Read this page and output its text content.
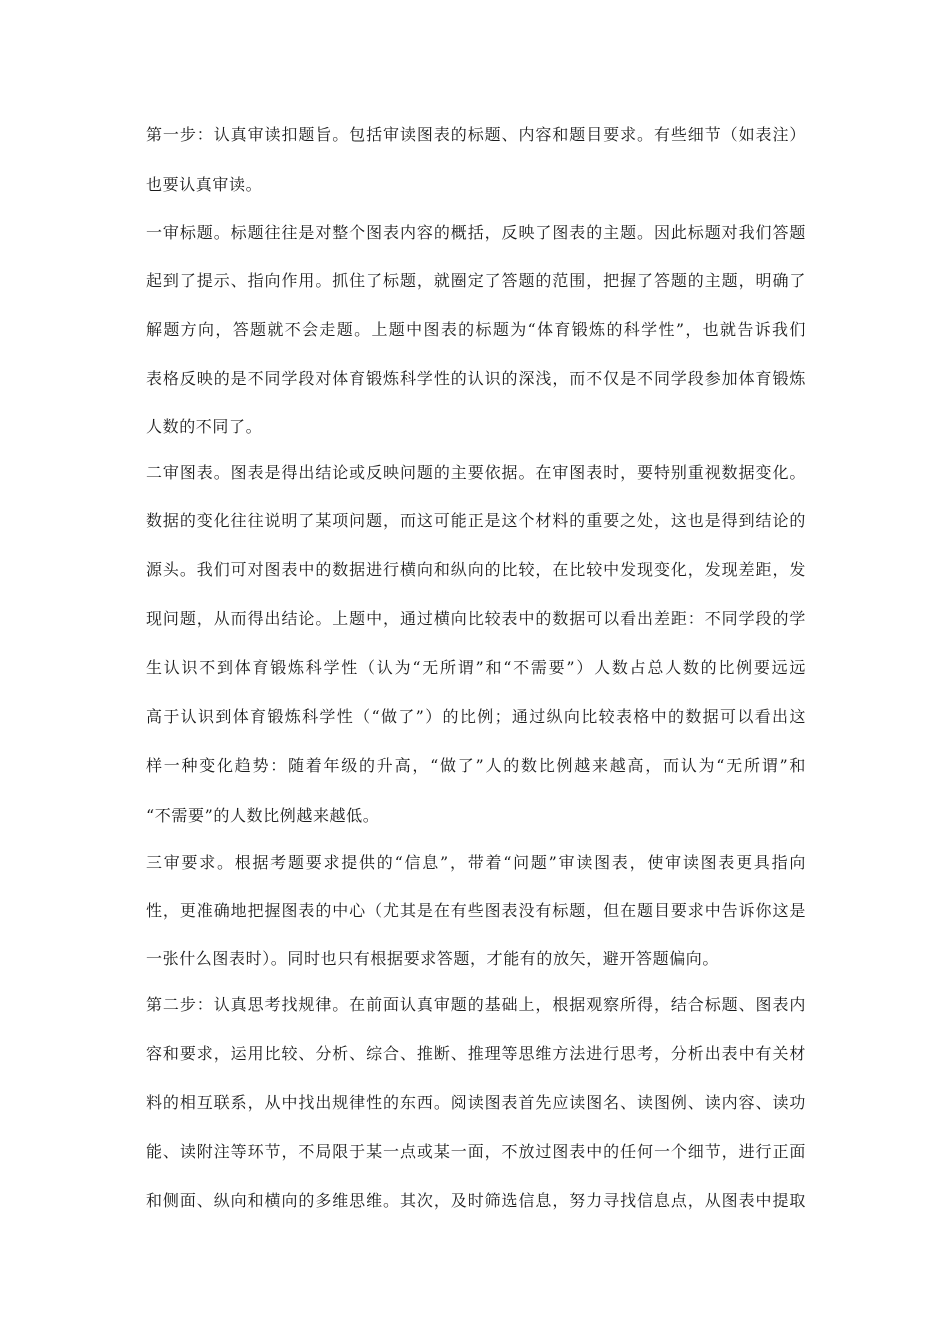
第一步：认真审读扣题旨。包括审读图表的标题、内容和题目要求。有些细节（如表注）
也要认真审读。
一审标题。标题往往是对整个图表内容的概括，反映了图表的主题。因此标题对我们答题
起到了提示、指向作用。抓住了标题，就圈定了答题的范围，把握了答题的主题，明确了
解题方向，答题就不会走题。上题中图表的标题为“体育锻炼的科学性”，也就告诉我们
表格反映的是不同学段对体育锻炼科学性的认识的深浅，而不仅是不同学段参加体育锻炼
人数的不同了。
二审图表。图表是得出结论或反映问题的主要依据。在审图表时，要特别重视数据变化。
数据的变化往往说明了某项问题，而这可能正是这个材料的重要之处，这也是得到结论的
源头。我们可对图表中的数据进行横向和纵向的比较，在比较中发现变化，发现差距，发
现问题，从而得出结论。上题中，通过横向比较表中的数据可以看出差距：不同学段的学
生认识不到体育锻炼科学性（认为“无所谓”和“不需要”）人数占总人数的比例要远远
高于认识到体育锻炼科学性（“做了”）的比例；通过纵向比较表格中的数据可以看出这
样一种变化趋势：随着年级的升高，“做了”人的数比例越来越高，而认为“无所谓”和
“不需要”的人数比例越来越低。
三审要求。根据考题要求提供的“信息”，带着“问题”审读图表，使审读图表更具指向
性，更准确地把握图表的中心（尤其是在有些图表没有标题，但在题目要求中告诉你这是
一张什么图表时）。同时也只有根据要求答题，才能有的放矢，避开答题偏向。
第二步：认真思考找规律。在前面认真审题的基础上，根据观察所得，结合标题、图表内
容和要求，运用比较、分析、综合、推断、推理等思维方法进行思考，分析出表中有关材
料的相互联系，从中找出规律性的东西。阅读图表首先应读图名、读图例、读内容、读功
能、读附注等环节，不局限于某一点或某一面，不放过图表中的任何一个细节，进行正面
和侧面、纵向和横向的多维思维。其次，及时筛选信息，努力寻找信息点，从图表中提取
